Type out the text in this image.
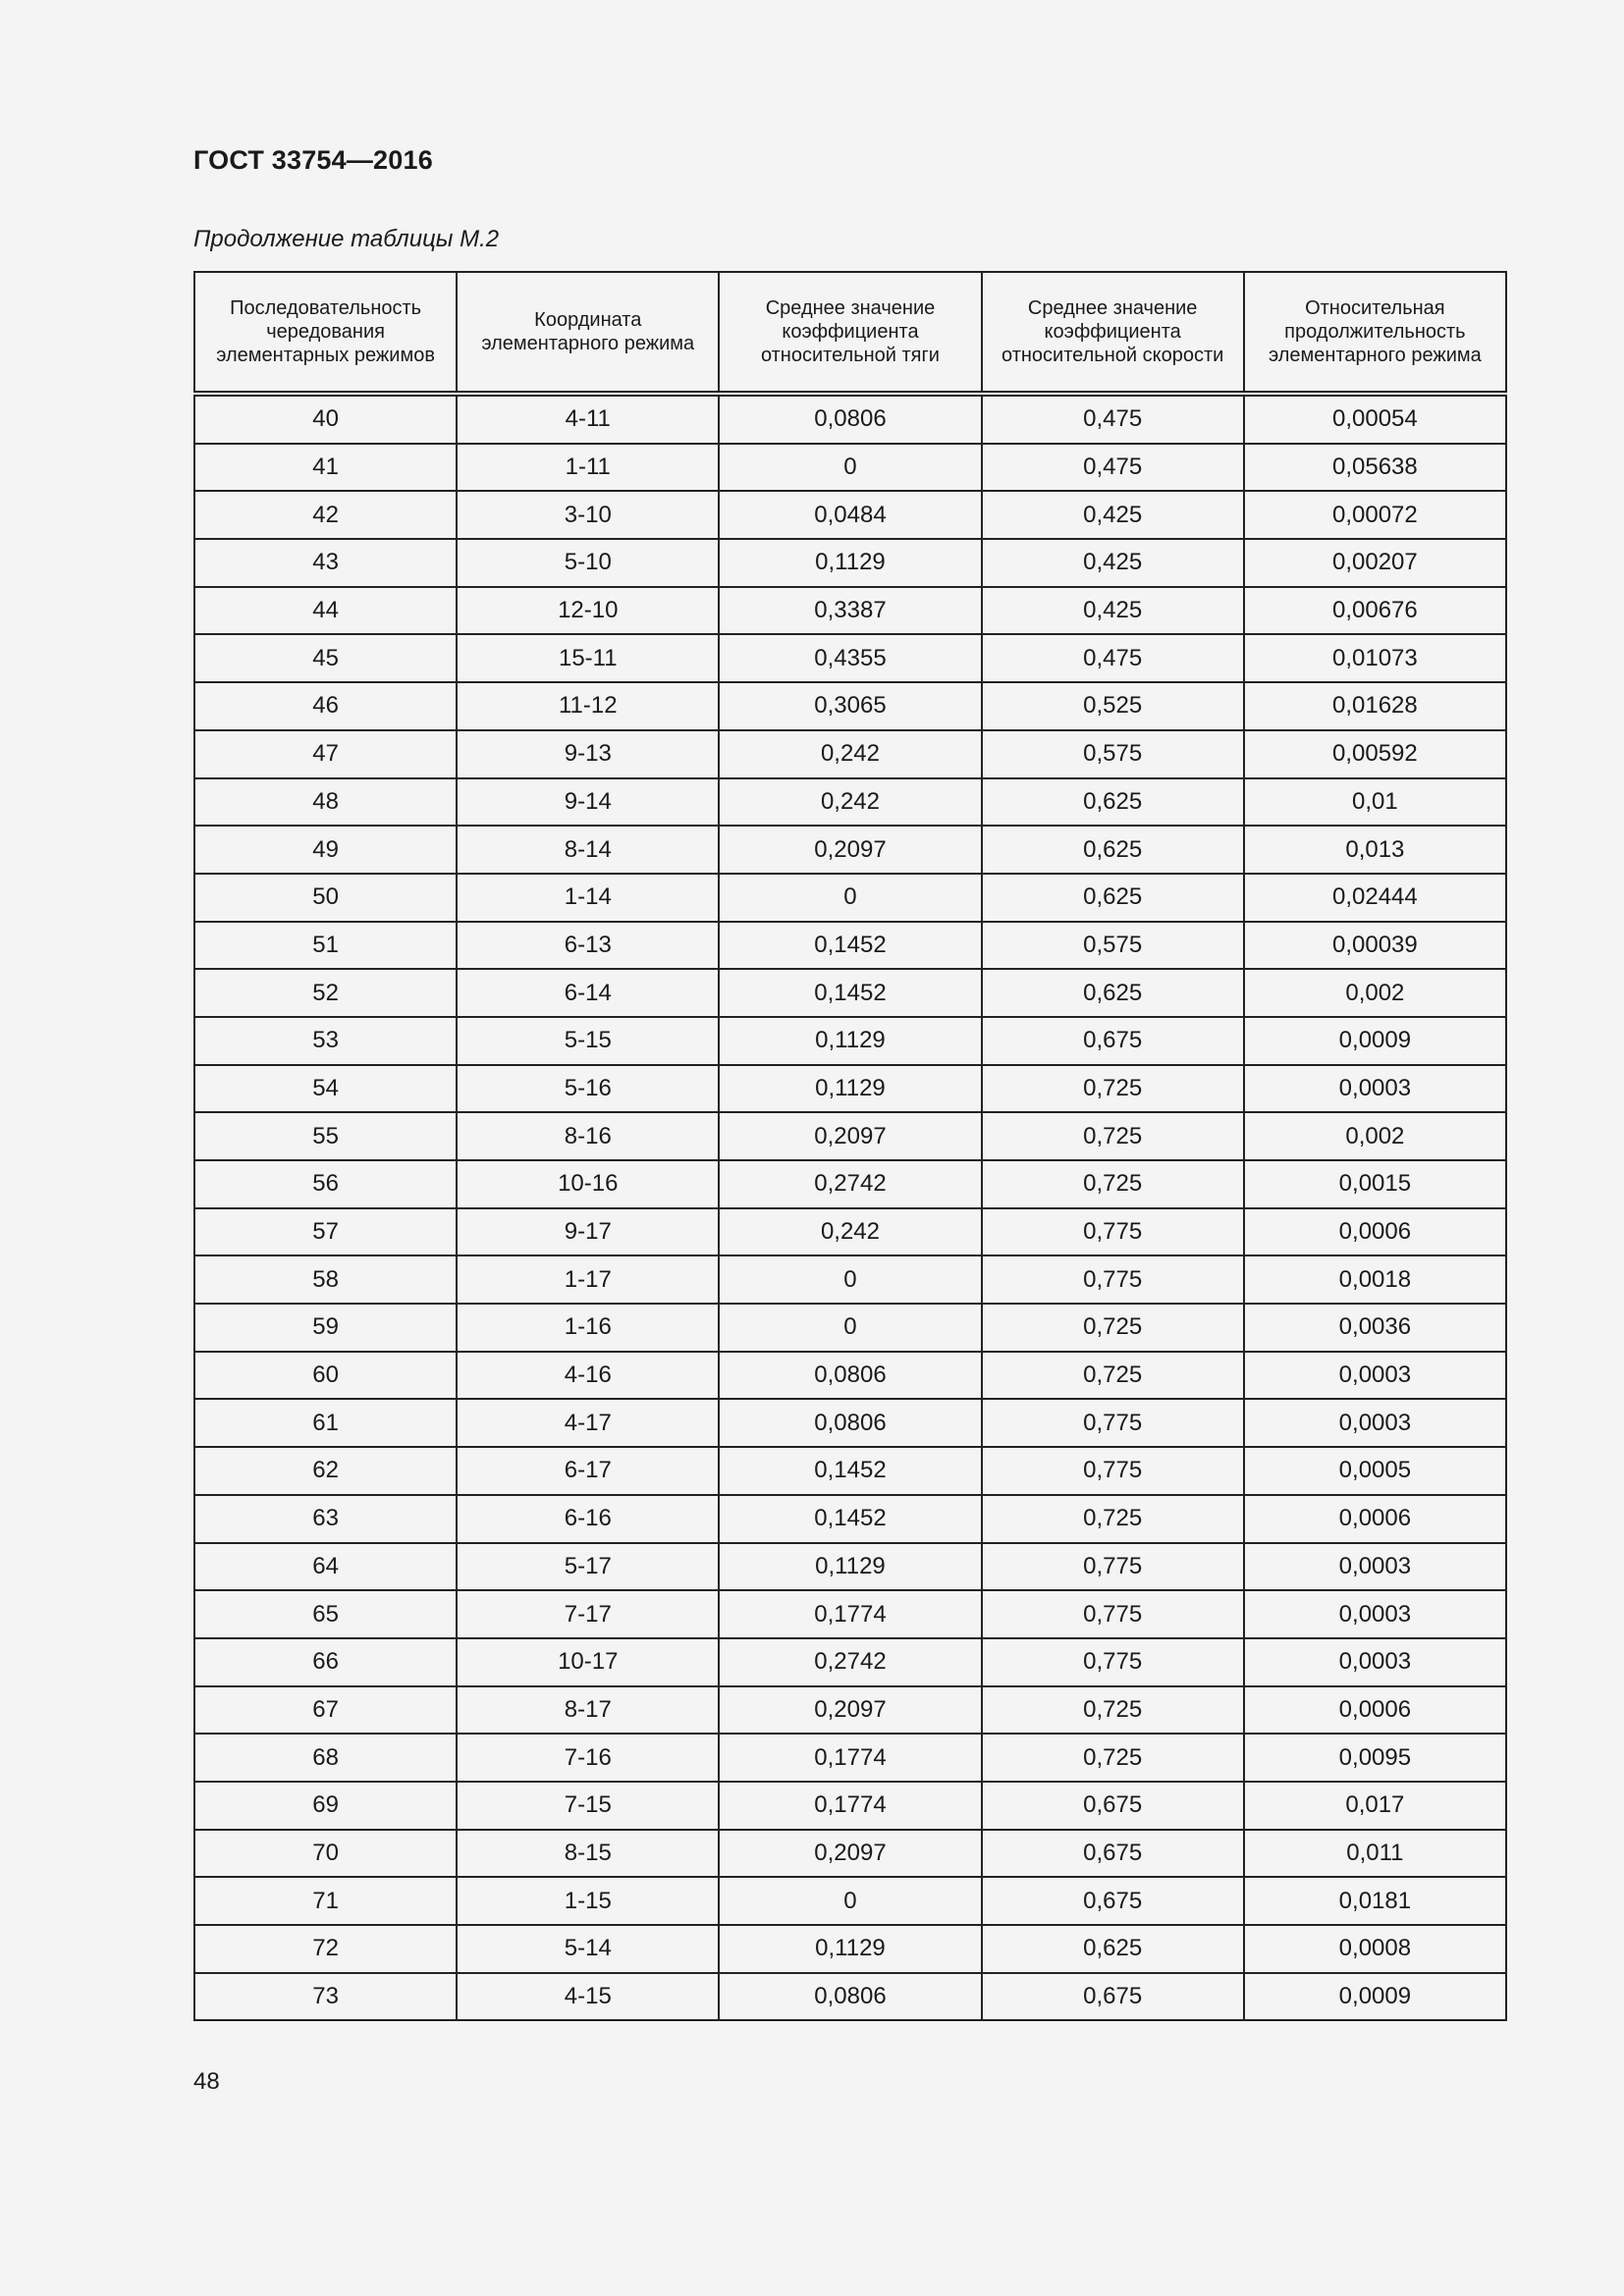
ГОСТ 33754—2016
Продолжение таблицы М.2
Последовательность чередования элементарных режимов	Координата элементарного режима	Среднее значение коэффициента относительной тяги	Среднее значение коэффициента относительной скорости	Относительная продолжительность элементарного режима
40	4-11	0,0806	0,475	0,00054
41	1-11	0	0,475	0,05638
42	3-10	0,0484	0,425	0,00072
43	5-10	0,1129	0,425	0,00207
44	12-10	0,3387	0,425	0,00676
45	15-11	0,4355	0,475	0,01073
46	11-12	0,3065	0,525	0,01628
47	9-13	0,242	0,575	0,00592
48	9-14	0,242	0,625	0,01
49	8-14	0,2097	0,625	0,013
50	1-14	0	0,625	0,02444
51	6-13	0,1452	0,575	0,00039
52	6-14	0,1452	0,625	0,002
53	5-15	0,1129	0,675	0,0009
54	5-16	0,1129	0,725	0,0003
55	8-16	0,2097	0,725	0,002
56	10-16	0,2742	0,725	0,0015
57	9-17	0,242	0,775	0,0006
58	1-17	0	0,775	0,0018
59	1-16	0	0,725	0,0036
60	4-16	0,0806	0,725	0,0003
61	4-17	0,0806	0,775	0,0003
62	6-17	0,1452	0,775	0,0005
63	6-16	0,1452	0,725	0,0006
64	5-17	0,1129	0,775	0,0003
65	7-17	0,1774	0,775	0,0003
66	10-17	0,2742	0,775	0,0003
67	8-17	0,2097	0,725	0,0006
68	7-16	0,1774	0,725	0,0095
69	7-15	0,1774	0,675	0,017
70	8-15	0,2097	0,675	0,011
71	1-15	0	0,675	0,0181
72	5-14	0,1129	0,625	0,0008
73	4-15	0,0806	0,675	0,0009
48
